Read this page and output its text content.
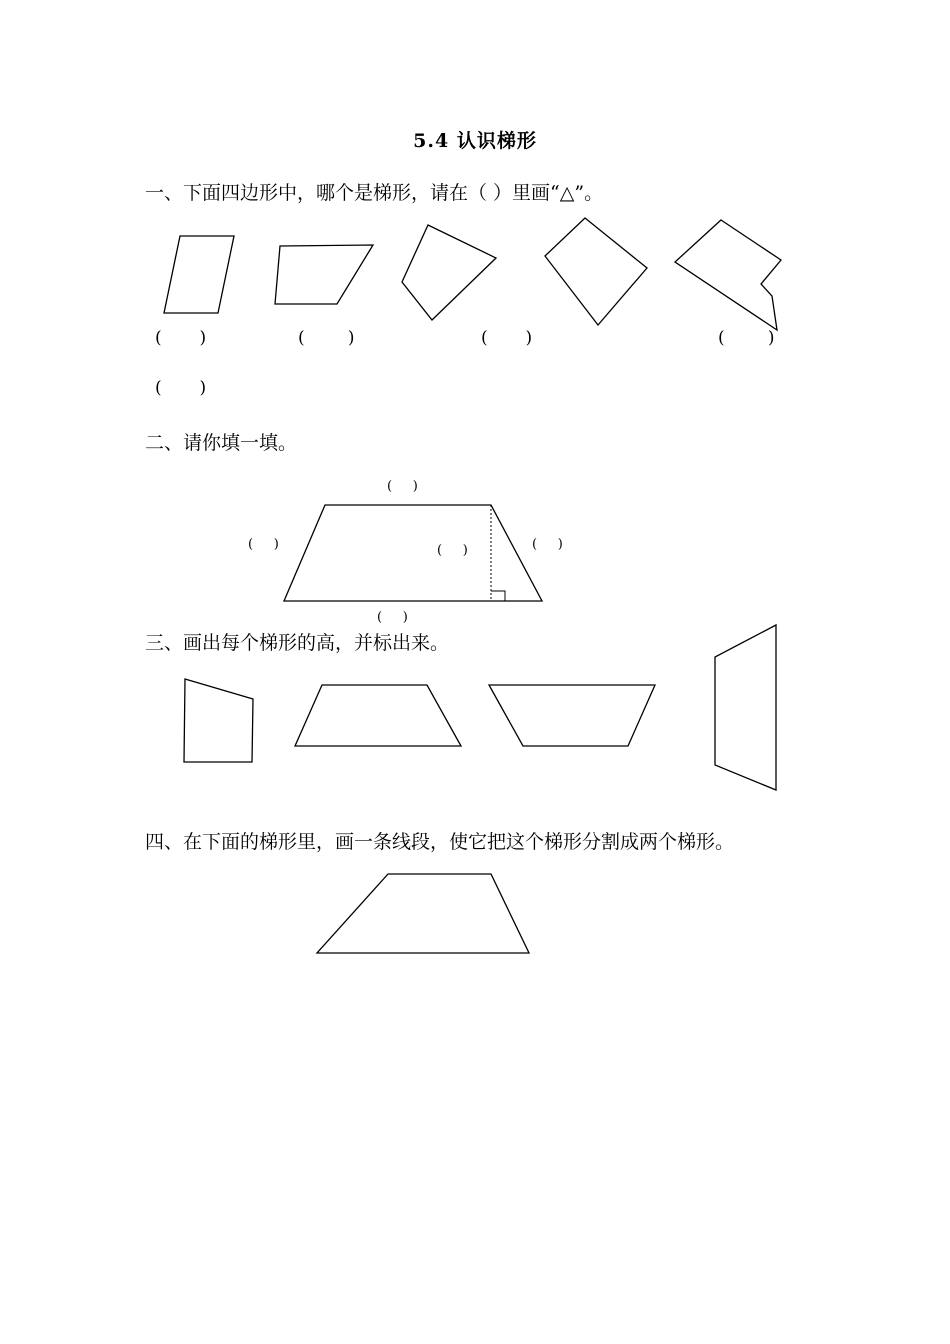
5.4 认识梯形
一、下面四边形中，哪个是梯形，请在（ ）里画“△”。
(       )	(        )	(       )	(        )
(       )
二、请你填一填。
(     )
(     )	(     )	(     )
(     )
三、画出每个梯形的高，并标出来。
四、在下面的梯形里，画一条线段，使它把这个梯形分割成两个梯形。
